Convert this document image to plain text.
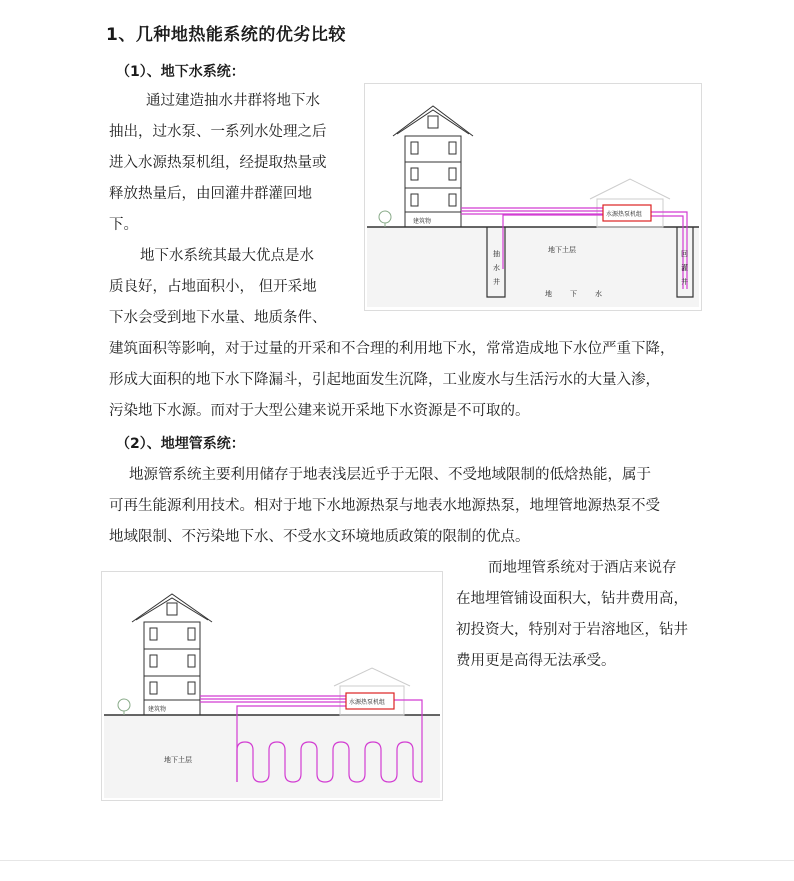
1、几种地热能系统的优劣比较
（1）、地下水系统：
通过建造抽水井群将地下水
抽出，过水泵、一系列水处理之后
进入水源热泵机组，经提取热量或
释放热量后，由回灌井群灌回地
下。
地下水系统其最大优点是水
质良好，占地面积小， 但开采地
下水会受到地下水量、地质条件、
建筑面积等影响，对于过量的开采和不合理的利用地下水，常常造成地下水位严重下降，
形成大面积的地下水下降漏斗，引起地面发生沉降，工业废水与生活污水的大量入渗，
污染地下水源。而对于大型公建来说开采地下水资源是不可取的。
建筑物
水源热泵机组
抽
水
井
回
灌
井
地下土层
地	下	水
（2）、地埋管系统：
地源管系统主要利用储存于地表浅层近乎于无限、不受地域限制的低焓热能，属于
可再生能源利用技术。相对于地下水地源热泵与地表水地源热泵，地埋管地源热泵不受
地域限制、不污染地下水、不受水文环境地质政策的限制的优点。
而地埋管系统对于酒店来说存
在地埋管铺设面积大，钻井费用高，
初投资大，特别对于岩溶地区，钻井
费用更是高得无法承受。
建筑物
水源热泵机组
地下土层
